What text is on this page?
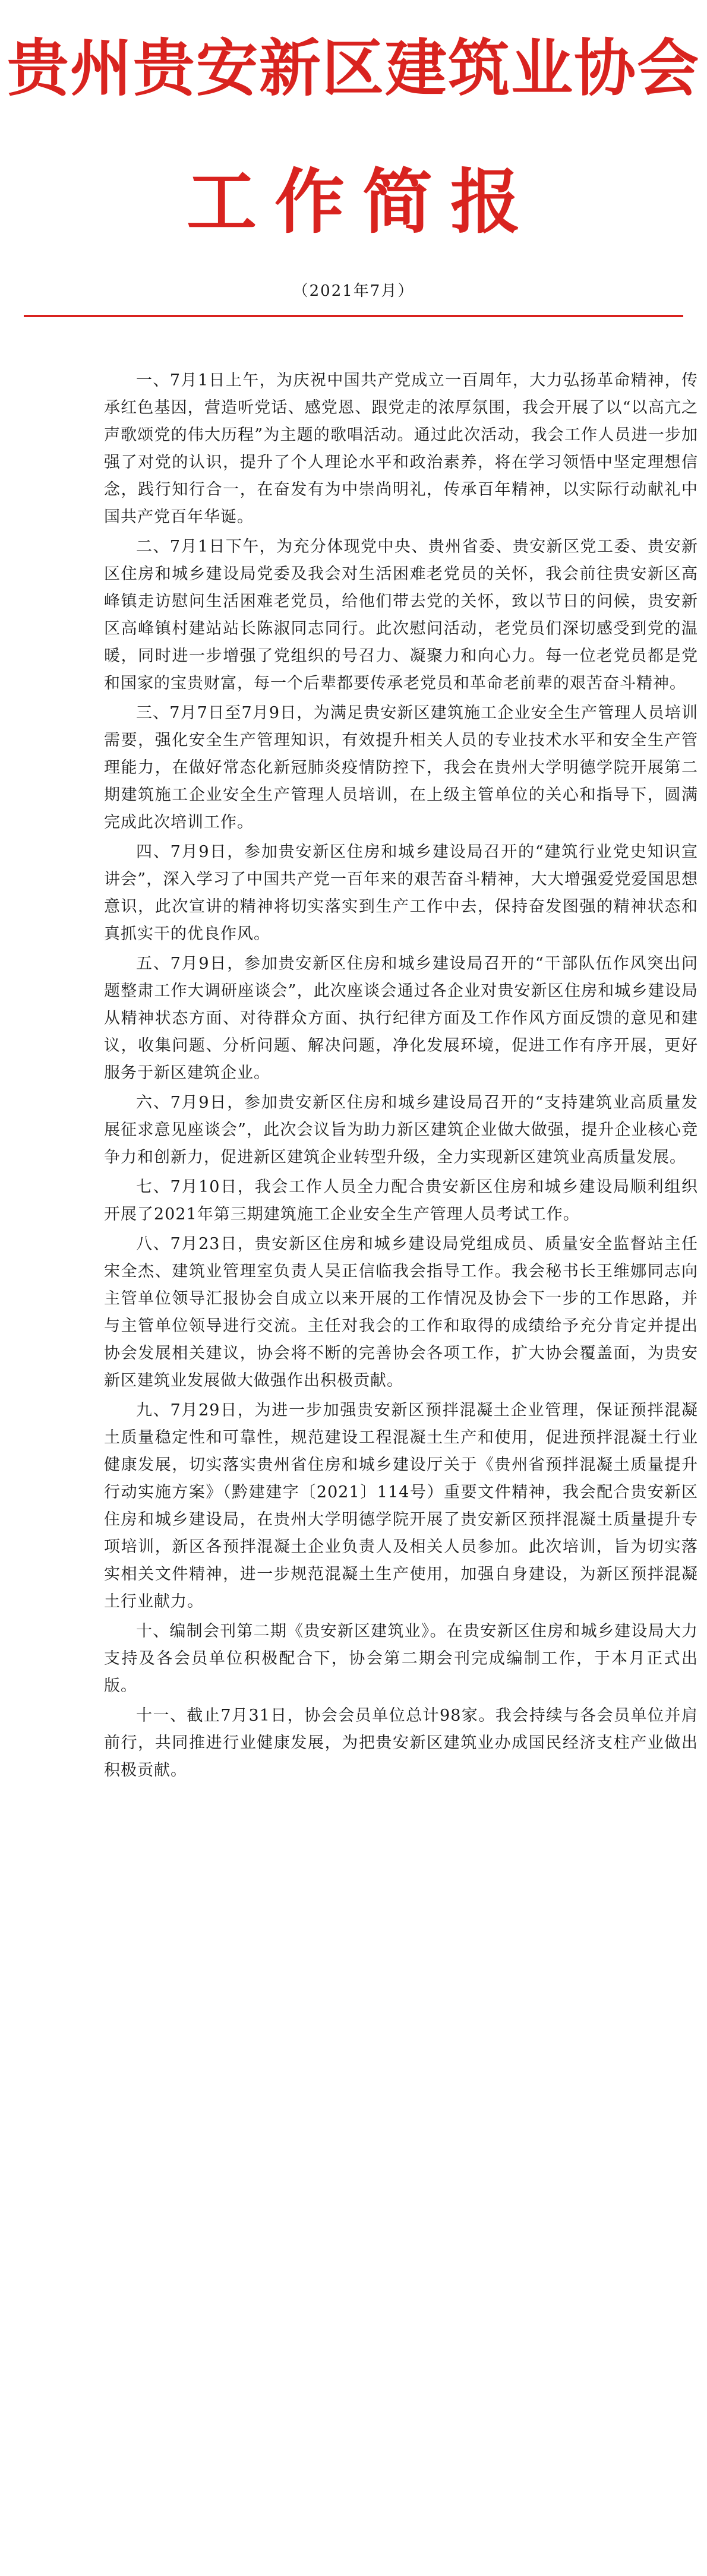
贵州贵安新区建筑业协会
工作简报
（2021年7月）

一、7月1日上午，为庆祝中国共产党成立一百周年，大力弘扬革命精神，传承红色基因，营造听党话、感党恩、跟党走的浓厚氛围，我会开展了以“以高亢之声歌颂党的伟大历程”为主题的歌唱活动。通过此次活动，我会工作人员进一步加强了对党的认识，提升了个人理论水平和政治素养，将在学习领悟中坚定理想信念，践行知行合一，在奋发有为中崇尚明礼，传承百年精神，以实际行动献礼中国共产党百年华诞。

二、7月1日下午，为充分体现党中央、贵州省委、贵安新区党工委、贵安新区住房和城乡建设局党委及我会对生活困难老党员的关怀，我会前往贵安新区高峰镇走访慰问生活困难老党员，给他们带去党的关怀，致以节日的问候，贵安新区高峰镇村建站站长陈淑同志同行。此次慰问活动，老党员们深切感受到党的温暖，同时进一步增强了党组织的号召力、凝聚力和向心力。每一位老党员都是党和国家的宝贵财富，每一个后辈都要传承老党员和革命老前辈的艰苦奋斗精神。

三、7月7日至7月9日，为满足贵安新区建筑施工企业安全生产管理人员培训需要，强化安全生产管理知识，有效提升相关人员的专业技术水平和安全生产管理能力，在做好常态化新冠肺炎疫情防控下，我会在贵州大学明德学院开展第二期建筑施工企业安全生产管理人员培训，在上级主管单位的关心和指导下，圆满完成此次培训工作。

四、7月9日，参加贵安新区住房和城乡建设局召开的“建筑行业党史知识宣讲会”，深入学习了中国共产党一百年来的艰苦奋斗精神，大大增强爱党爱国思想意识，此次宣讲的精神将切实落实到生产工作中去，保持奋发图强的精神状态和真抓实干的优良作风。

五、7月9日，参加贵安新区住房和城乡建设局召开的“干部队伍作风突出问题整肃工作大调研座谈会”，此次座谈会通过各企业对贵安新区住房和城乡建设局从精神状态方面、对待群众方面、执行纪律方面及工作作风方面反馈的意见和建议，收集问题、分析问题、解决问题，净化发展环境，促进工作有序开展，更好服务于新区建筑企业。

六、7月9日，参加贵安新区住房和城乡建设局召开的“支持建筑业高质量发展征求意见座谈会”，此次会议旨为助力新区建筑企业做大做强，提升企业核心竞争力和创新力，促进新区建筑企业转型升级，全力实现新区建筑业高质量发展。

七、7月10日，我会工作人员全力配合贵安新区住房和城乡建设局顺利组织开展了2021年第三期建筑施工企业安全生产管理人员考试工作。

八、7月23日，贵安新区住房和城乡建设局党组成员、质量安全监督站主任宋全杰、建筑业管理室负责人吴正信临我会指导工作。我会秘书长王维娜同志向主管单位领导汇报协会自成立以来开展的工作情况及协会下一步的工作思路，并与主管单位领导进行交流。主任对我会的工作和取得的成绩给予充分肯定并提出协会发展相关建议，协会将不断的完善协会各项工作，扩大协会覆盖面，为贵安新区建筑业发展做大做强作出积极贡献。

九、7月29日，为进一步加强贵安新区预拌混凝土企业管理，保证预拌混凝土质量稳定性和可靠性，规范建设工程混凝土生产和使用，促进预拌混凝土行业健康发展，切实落实贵州省住房和城乡建设厅关于《贵州省预拌混凝土质量提升行动实施方案》（黔建建字〔2021〕114号）重要文件精神，我会配合贵安新区住房和城乡建设局，在贵州大学明德学院开展了贵安新区预拌混凝土质量提升专项培训，新区各预拌混凝土企业负责人及相关人员参加。此次培训，旨为切实落实相关文件精神，进一步规范混凝土生产使用，加强自身建设，为新区预拌混凝土行业献力。

十、编制会刊第二期《贵安新区建筑业》。在贵安新区住房和城乡建设局大力支持及各会员单位积极配合下，协会第二期会刊完成编制工作，于本月正式出版。

十一、截止7月31日，协会会员单位总计98家。我会持续与各会员单位并肩前行，共同推进行业健康发展，为把贵安新区建筑业办成国民经济支柱产业做出积极贡献。
